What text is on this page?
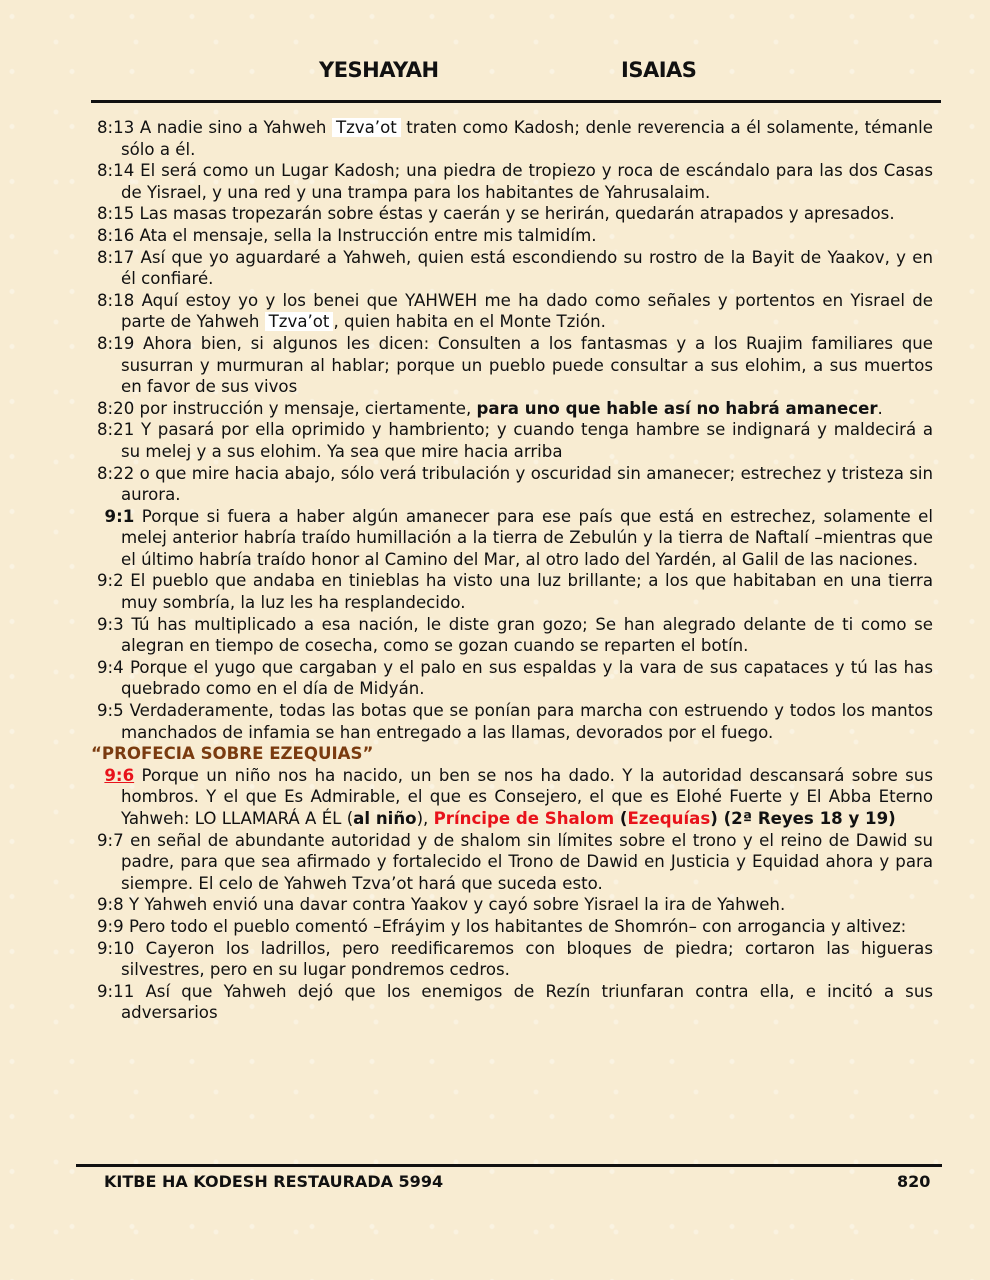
YESHAYAH	ISAIAS
8:13 A nadie sino a Yahweh Tzva’ot traten como Kadosh; denle reverencia a él solamente, témanle sólo a él.
8:14 El será como un Lugar Kadosh; una piedra de tropiezo y roca de escándalo para las dos Casas de Yisrael, y una red y una trampa para los habitantes de Yahrusalaim.
8:15 Las masas tropezarán sobre éstas y caerán y se herirán, quedarán atrapados y apresados.
8:16 Ata el mensaje, sella la Instrucción entre mis talmidím.
8:17 Así que yo aguardaré a Yahweh, quien está escondiendo su rostro de la Bayit de Yaakov, y en él confiaré.
8:18 Aquí estoy yo y los benei que YAHWEH me ha dado como señales y portentos en Yisrael de parte de Yahweh Tzva’ot , quien habita en el Monte Tzión.
8:19 Ahora bien, si algunos les dicen: Consulten a los fantasmas y a los Ruajim familiares que susurran y murmuran al hablar; porque un pueblo puede consultar a sus elohim, a sus muertos en favor de sus vivos
8:20 por instrucción y mensaje, ciertamente, para uno que hable así no habrá amanecer.
8:21 Y pasará por ella oprimido y hambriento; y cuando tenga hambre se indignará y maldecirá a su melej y a sus elohim. Ya sea que mire hacia arriba
8:22 o que mire hacia abajo, sólo verá tribulación y oscuridad sin amanecer; estrechez y tristeza sin aurora.
9:1 Porque si fuera a haber algún amanecer para ese país que está en estrechez, solamente el melej anterior habría traído humillación a la tierra de Zebulún y la tierra de Naftalí –mientras que el último habría traído honor al Camino del Mar, al otro lado del Yardén, al Galil de las naciones.
9:2 El pueblo que andaba en tinieblas ha visto una luz brillante; a los que habitaban en una tierra muy sombría, la luz les ha resplandecido.
9:3 Tú has multiplicado a esa nación, le diste gran gozo; Se han alegrado delante de ti como se alegran en tiempo de cosecha, como se gozan cuando se reparten el botín.
9:4 Porque el yugo que cargaban y el palo en sus espaldas y la vara de sus capataces y tú las has quebrado como en el día de Midyán.
9:5 Verdaderamente, todas las botas que se ponían para marcha con estruendo y todos los mantos manchados de infamia se han entregado a las llamas, devorados por el fuego.
“PROFECIA SOBRE EZEQUIAS”
9:6 Porque un niño nos ha nacido, un ben se nos ha dado. Y la autoridad descansará sobre sus hombros. Y el que Es Admirable, el que es Consejero, el que es Elohé Fuerte y El Abba Eterno Yahweh: LO LLAMARÁ A ÉL (al niño), Príncipe de Shalom (Ezequías) (2ª Reyes 18 y 19)
9:7 en señal de abundante autoridad y de shalom sin límites sobre el trono y el reino de Dawid su padre, para que sea afirmado y fortalecido el Trono de Dawid en Justicia y Equidad ahora y para siempre. El celo de Yahweh Tzva’ot hará que suceda esto.
9:8 Y Yahweh envió una davar contra Yaakov y cayó sobre Yisrael la ira de Yahweh.
9:9 Pero todo el pueblo comentó –Efráyim y los habitantes de Shomrón– con arrogancia y altivez:
9:10 Cayeron los ladrillos, pero reedificaremos con bloques de piedra; cortaron las higueras silvestres, pero en su lugar pondremos cedros.
9:11 Así que Yahweh dejó que los enemigos de Rezín triunfaran contra ella, e incitó a sus adversarios
KITBE HA KODESH RESTAURADA 5994	820
